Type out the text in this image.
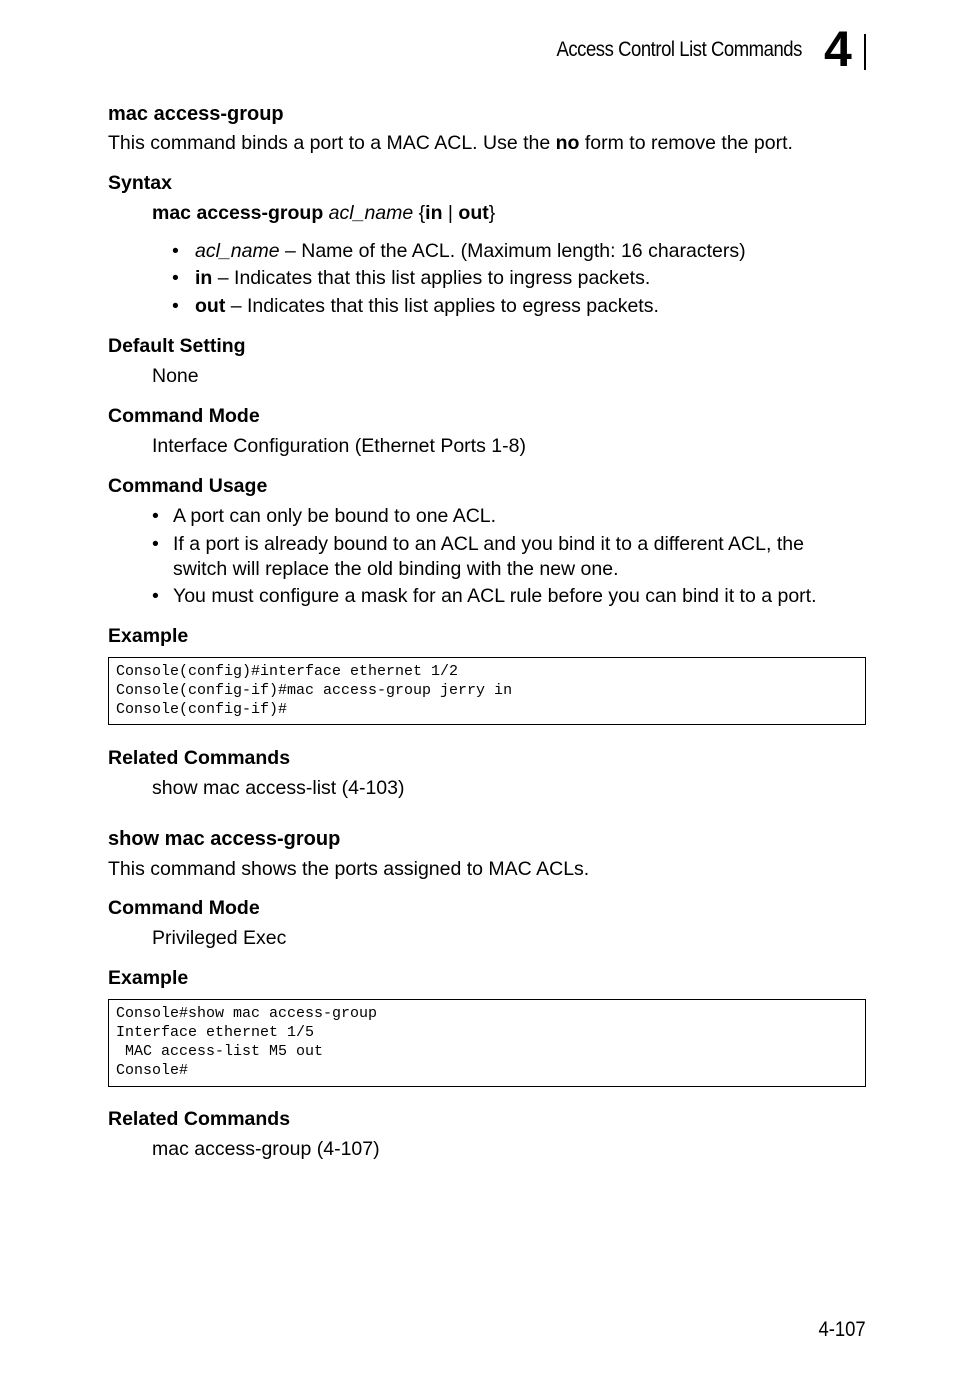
Access Control List Commands 4
mac access-group
This command binds a port to a MAC ACL. Use the no form to remove the port.
Syntax
mac access-group acl_name {in | out}
• acl_name – Name of the ACL. (Maximum length: 16 characters)
• in – Indicates that this list applies to ingress packets.
• out – Indicates that this list applies to egress packets.
Default Setting
None
Command Mode
Interface Configuration (Ethernet Ports 1-8)
Command Usage
• A port can only be bound to one ACL.
• If a port is already bound to an ACL and you bind it to a different ACL, the
switch will replace the old binding with the new one.
• You must configure a mask for an ACL rule before you can bind it to a port.
Example
Console(config)#interface ethernet 1/2
Console(config-if)#mac access-group jerry in
Console(config-if)#
Related Commands
show mac access-list (4-103)
show mac access-group
This command shows the ports assigned to MAC ACLs.
Command Mode
Privileged Exec
Example
Console#show mac access-group
Interface ethernet 1/5
MAC access-list M5 out
Console#
Related Commands
mac access-group (4-107)
4-107
